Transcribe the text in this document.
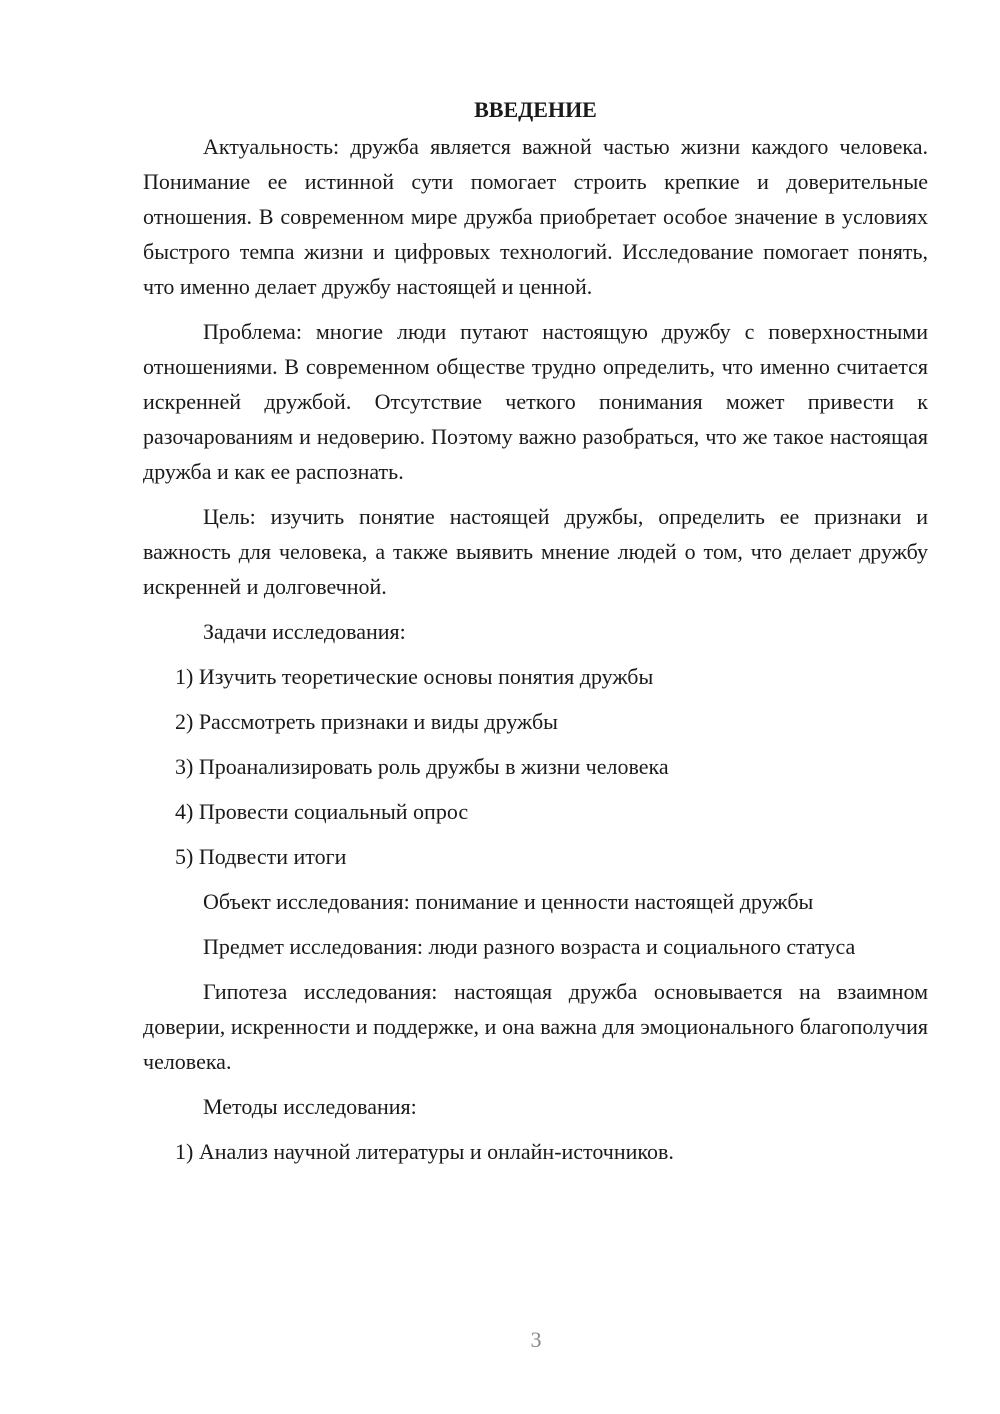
ВВЕДЕНИЕ
Актуальность: дружба является важной частью жизни каждого человека. Понимание ее истинной сути помогает строить крепкие и доверительные отношения. В современном мире дружба приобретает особое значение в условиях быстрого темпа жизни и цифровых технологий. Исследование помогает понять, что именно делает дружбу настоящей и ценной.
Проблема: многие люди путают настоящую дружбу с поверхностными отношениями. В современном обществе трудно определить, что именно считается искренней дружбой. Отсутствие четкого понимания может привести к разочарованиям и недоверию. Поэтому важно разобраться, что же такое настоящая дружба и как ее распознать.
Цель: изучить понятие настоящей дружбы, определить ее признаки и важность для человека, а также выявить мнение людей о том, что делает дружбу искренней и долговечной.
Задачи исследования:
1) Изучить теоретические основы понятия дружбы
2) Рассмотреть признаки и виды дружбы
3) Проанализировать роль дружбы в жизни человека
4) Провести социальный опрос
5) Подвести итоги
Объект исследования: понимание и ценности настоящей дружбы
Предмет исследования: люди разного возраста и социального статуса
Гипотеза исследования: настоящая дружба основывается на взаимном доверии, искренности и поддержке, и она важна для эмоционального благополучия человека.
Методы исследования:
1) Анализ научной литературы и онлайн-источников.
3
